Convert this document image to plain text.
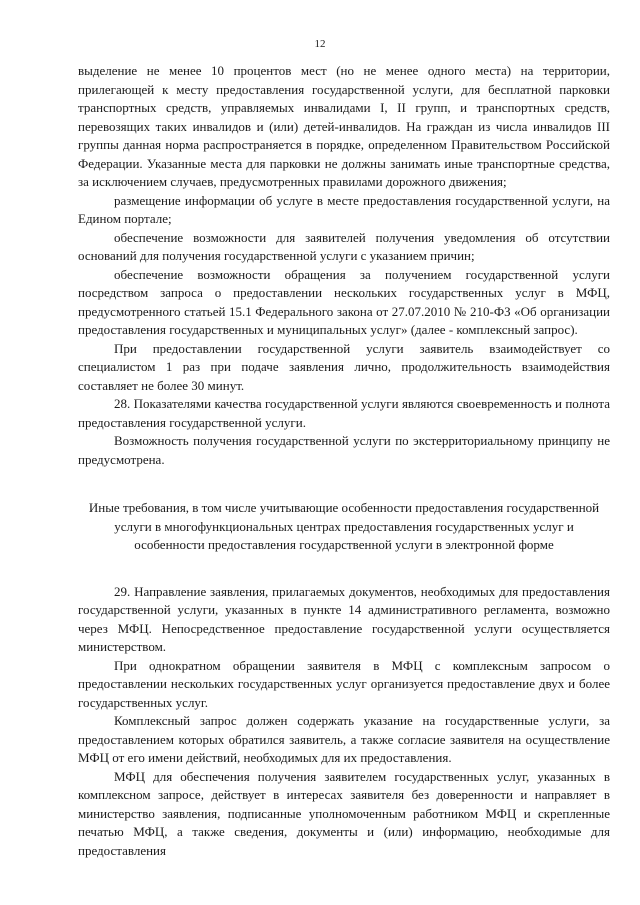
12

выделение не менее 10 процентов мест (но не менее одного места) на территории, прилегающей к месту предоставления государственной услуги, для бесплатной парковки транспортных средств, управляемых инвалидами I, II групп, и транспортных средств, перевозящих таких инвалидов и (или) детей-инвалидов. На граждан из числа инвалидов III группы данная норма распространяется в порядке, определенном Правительством Российской Федерации. Указанные места для парковки не должны занимать иные транспортные средства, за исключением случаев, предусмотренных правилами дорожного движения;

размещение информации об услуге в месте предоставления государственной услуги, на Едином портале;

обеспечение возможности для заявителей получения уведомления об отсутствии оснований для получения государственной услуги с указанием причин;

обеспечение возможности обращения за получением государственной услуги посредством запроса о предоставлении нескольких государственных услуг в МФЦ, предусмотренного статьей 15.1 Федерального закона от 27.07.2010 № 210-ФЗ «Об организации предоставления государственных и муниципальных услуг» (далее - комплексный запрос).

При предоставлении государственной услуги заявитель взаимодействует со специалистом 1 раз при подаче заявления лично, продолжительность взаимодействия составляет не более 30 минут.

28. Показателями качества государственной услуги являются своевременность и полнота предоставления государственной услуги.

Возможность получения государственной услуги по экстерриториальному принципу не предусмотрена.

Иные требования, в том числе учитывающие особенности предоставления государственной услуги в многофункциональных центрах предоставления государственных услуг и особенности предоставления государственной услуги в электронной форме

29. Направление заявления, прилагаемых документов, необходимых для предоставления государственной услуги, указанных в пункте 14 административного регламента, возможно через МФЦ. Непосредственное предоставление государственной услуги осуществляется министерством.

При однократном обращении заявителя в МФЦ с комплексным запросом о предоставлении нескольких государственных услуг организуется предоставление двух и более государственных услуг.

Комплексный запрос должен содержать указание на государственные услуги, за предоставлением которых обратился заявитель, а также согласие заявителя на осуществление МФЦ от его имени действий, необходимых для их предоставления.

МФЦ для обеспечения получения заявителем государственных услуг, указанных в комплексном запросе, действует в интересах заявителя без доверенности и направляет в министерство заявления, подписанные уполномоченным работником МФЦ и скрепленные печатью МФЦ, а также сведения, документы и (или) информацию, необходимые для предоставления
